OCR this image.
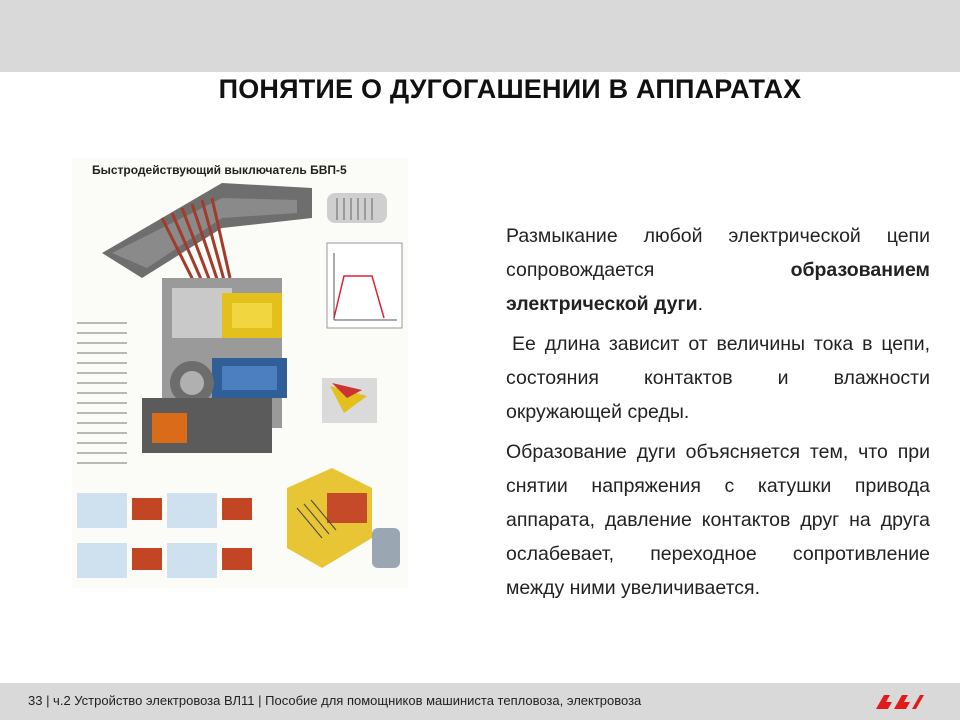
ПОНЯТИЕ О ДУГОГАШЕНИИ В АППАРАТАХ
Быстродействующий выключатель БВП-5

Размыкание любой электрической цепи сопровождается образованием электрической дуги.

Ее длина зависит от величины тока в цепи, состояния контактов и влажности окружающей среды.

Образование дуги объясняется тем, что при снятии напряжения с катушки привода аппарата, давление контактов друг на друга ослабевает, переходное сопротивление между ними увеличивается.

33 | ч.2 Устройство электровоза ВЛ11 | Пособие для помощников машиниста тепловоза, электровоза
